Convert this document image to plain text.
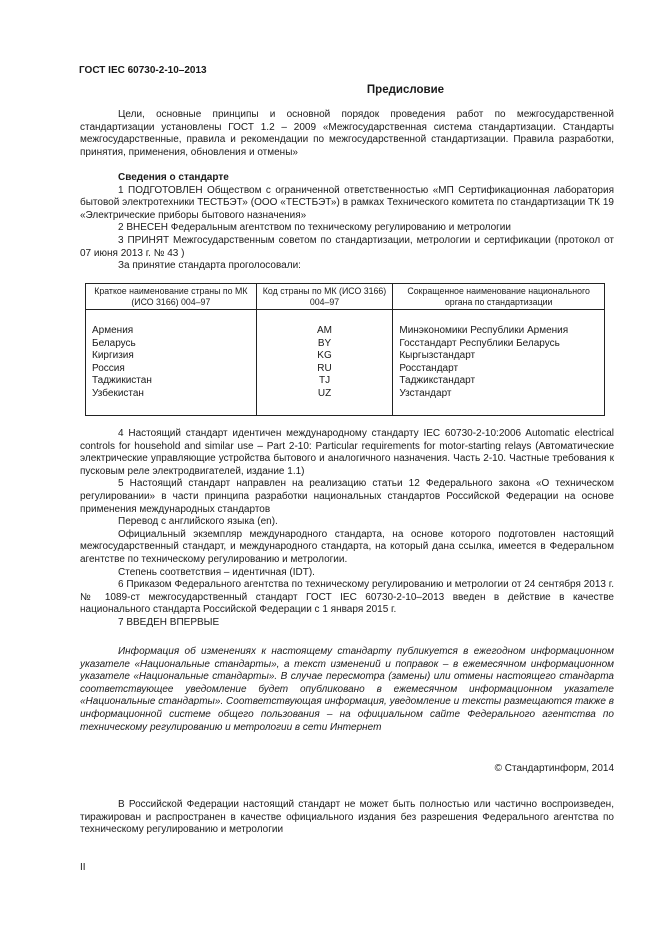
ГОСТ IEC 60730-2-10–2013
Предисловие

Цели, основные принципы и основной порядок проведения работ по межгосударственной стандартизации установлены ГОСТ 1.2 – 2009 «Межгосударственная система стандартизации. Стандарты межгосударственные, правила и рекомендации по межгосударственной стандартизации. Правила разработки, принятия, применения, обновления и отмены»

Сведения о стандарте

1 ПОДГОТОВЛЕН Обществом с ограниченной ответственностью «МП Сертификационная лаборатория бытовой электротехники ТЕСТБЭТ» (ООО «ТЕСТБЭТ») в рамках Технического комитета по стандартизации ТК 19 «Электрические приборы бытового назначения»

2 ВНЕСЕН Федеральным агентством по техническому регулированию и метрологии

3 ПРИНЯТ Межгосударственным советом по стандартизации, метрологии и сертификации (протокол от 07 июня 2013 г. № 43 )

За принятие стандарта проголосовали:

Краткое наименование страны по МК (ИСО 3166) 004–97	Код страны по МК (ИСО 3166) 004–97	Сокращенное наименование национального органа по стандартизации
Армения	AM	Минэкономики Республики Армения
Беларусь	BY	Госстандарт Республики Беларусь
Киргизия	KG	Кыргызстандарт
Россия	RU	Росстандарт
Таджикистан	TJ	Таджикстандарт
Узбекистан	UZ	Узстандарт

4 Настоящий стандарт идентичен международному стандарту IEC 60730-2-10:2006 Automatic electrical controls for household and similar use – Part 2-10: Particular requirements for motor-starting relays (Автоматические электрические управляющие устройства бытового и аналогичного назначения. Часть 2-10. Частные требования к пусковым реле электродвигателей, издание 1.1)

5 Настоящий стандарт направлен на реализацию статьи 12 Федерального закона «О техническом регулировании» в части принципа разработки национальных стандартов Российской Федерации на основе применения международных стандартов

Перевод с английского языка (en).

Официальный экземпляр международного стандарта, на основе которого подготовлен настоящий межгосударственный стандарт, и международного стандарта, на который дана ссылка, имеется в Федеральном агентстве по техническому регулированию и метрологии.

Степень соответствия – идентичная (IDT).

6 Приказом Федерального агентства по техническому регулированию и метрологии от 24 сентября 2013 г. № 1089-ст межгосударственный стандарт ГОСТ IEC 60730-2-10–2013 введен в действие в качестве национального стандарта Российской Федерации с 1 января 2015 г.

7 ВВЕДЕН ВПЕРВЫЕ

Информация об изменениях к настоящему стандарту публикуется в ежегодном информационном указателе «Национальные стандарты», а текст изменений и поправок – в ежемесячном информационном указателе «Национальные стандарты». В случае пересмотра (замены) или отмены настоящего стандарта соответствующее уведомление будет опубликовано в ежемесячном информационном указателе «Национальные стандарты». Соответствующая информация, уведомление и тексты размещаются также в информационной системе общего пользования – на официальном сайте Федерального агентства по техническому регулированию и метрологии в сети Интернет

© Стандартинформ, 2014

В Российской Федерации настоящий стандарт не может быть полностью или частично воспроизведен, тиражирован и распространен в качестве официального издания без разрешения Федерального агентства по техническому регулированию и метрологии

II
